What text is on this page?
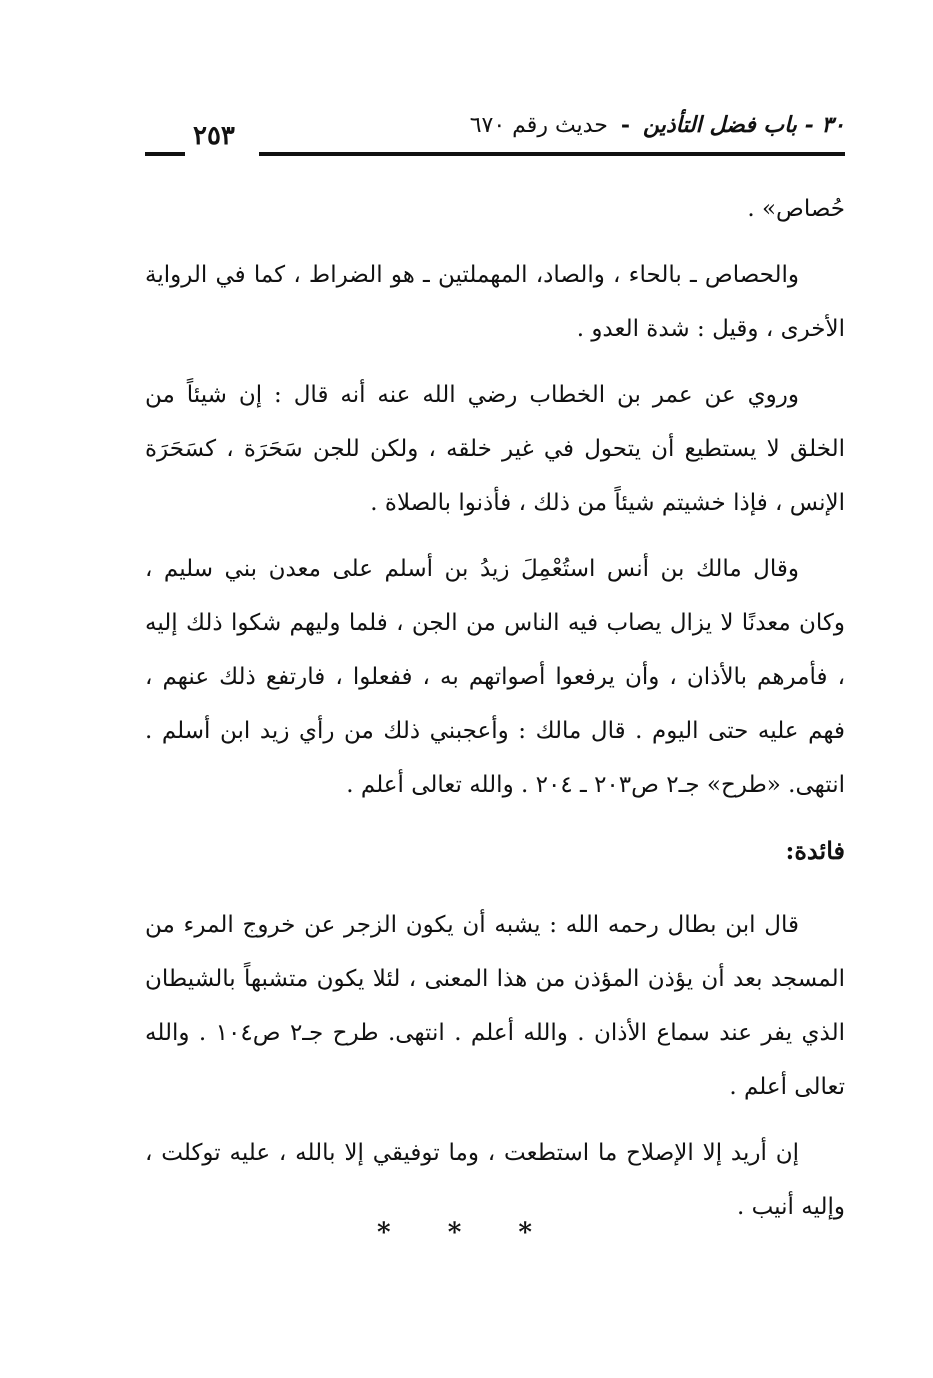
٣٠ - باب فضل التأذين - حديث رقم ٦٧٠
٢٥٣

حُصاص» .

والحصاص ـ بالحاء ، والصاد، المهملتين ـ هو الضراط ، كما في الرواية الأخرى ، وقيل : شدة العدو .

وروي عن عمر بن الخطاب رضي الله عنه أنه قال : إن شيئاً من الخلق لا يستطيع أن يتحول في غير خلقه ، ولكن للجن سَحَرَة ، كسَحَرَة الإنس ، فإذا خشيتم شيئاً من ذلك ، فأذنوا بالصلاة .

وقال مالك بن أنس استُعْمِلَ زيدُ بن أسلم على معدن بني سليم ، وكان معدنًا لا يزال يصاب فيه الناس من الجن ، فلما وليهم شكوا ذلك إليه ، فأمرهم بالأذان ، وأن يرفعوا أصواتهم به ، ففعلوا ، فارتفع ذلك عنهم ، فهم عليه حتى اليوم . قال مالك : وأعجبني ذلك من رأي زيد ابن أسلم . انتهى. «طرح» جـ٢ ص٢٠٣ ـ ٢٠٤ . والله تعالى أعلم .

فائدة:

قال ابن بطال رحمه الله : يشبه أن يكون الزجر عن خروج المرء من المسجد بعد أن يؤذن المؤذن من هذا المعنى ، لئلا يكون متشبهاً بالشيطان الذي يفر عند سماع الأذان . والله أعلم . انتهى. طرح جـ٢ ص١٠٤ . والله تعالى أعلم .

إن أريد إلا الإصلاح ما استطعت ، وما توفيقي إلا بالله ، عليه توكلت ، وإليه أنيب .

* * *
